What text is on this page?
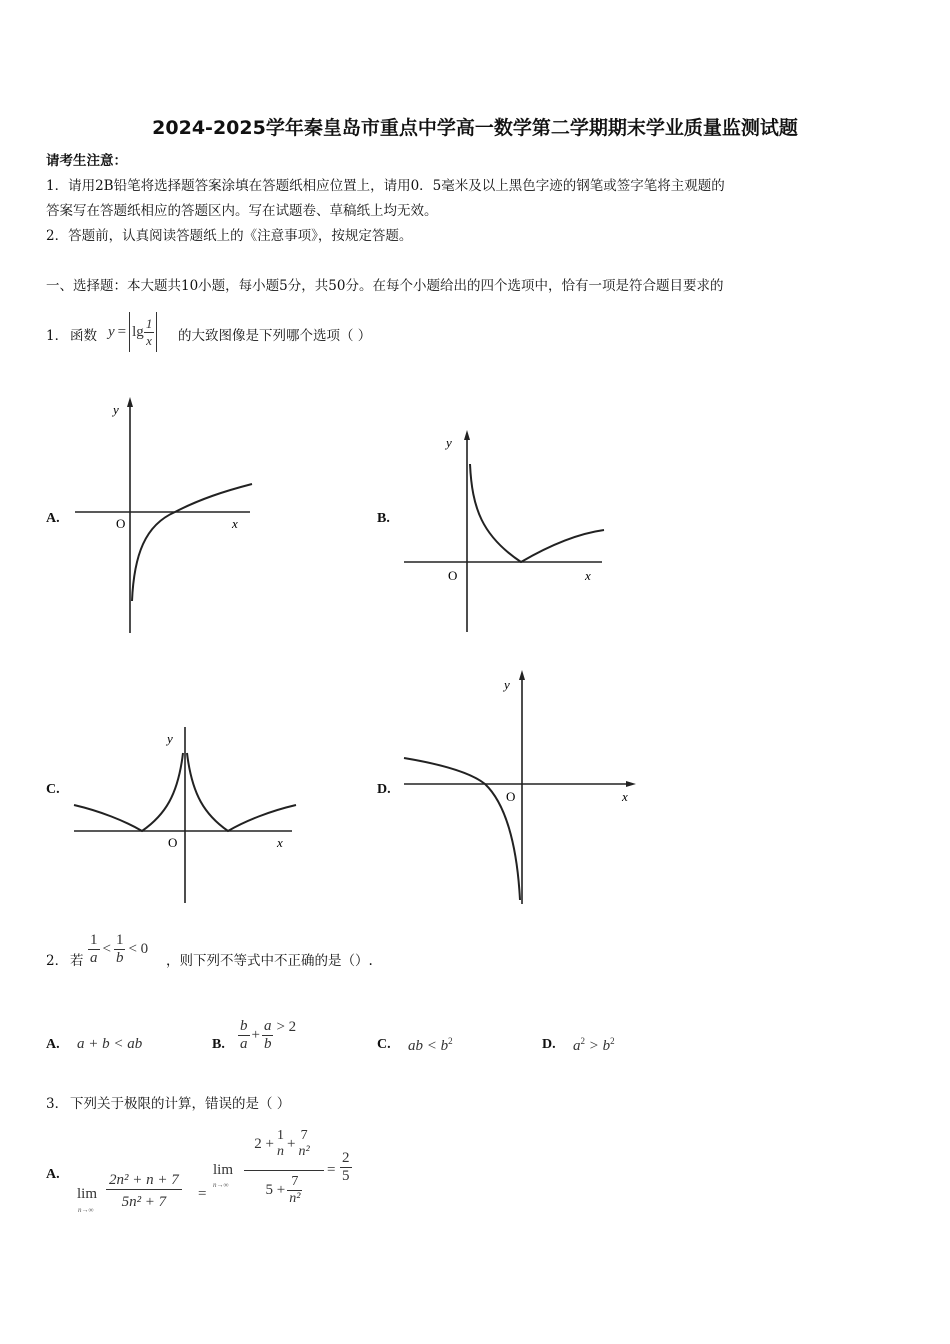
2024-2025学年秦皇岛市重点中学高一数学第二学期期末学业质量监测试题
请考生注意：
1．请用2B铅笔将选择题答案涂填在答题纸相应位置上，请用0．5毫米及以上黑色字迹的钢笔或签字笔将主观题的
答案写在答题纸相应的答题区内。写在试题卷、草稿纸上均无效。
2．答题前，认真阅读答题纸上的《注意事项》，按规定答题。
一、选择题：本大题共10小题，每小题5分，共50分。在每个小题给出的四个选项中，恰有一项是符合题目要求的
1． 函数 $y = \lg \frac{1}{x}$ 的大致图像是下列哪个选项（ ）
A.	B.
C.	D.
y
x
O
y
x
O
y
x
O
y
x
O
2． 若 $\frac{1}{a} < \frac{1}{b} < 0$
，则下列不等式中不正确的是（）.
A. a + b < ab	B. $\frac{b}{a} + \frac{a}{b} > 2$
C. ab < $b^2$	D. $a^2 > b^2$
3． 下列关于极限的计算，错误的是（ ）
A.
lim
$n\to\infty \frac{\text{2n² + n + 7}}{\text{5n² + 7}}$ =
lim
n→∞
2 + 1
n + 7
n²
$5 + \frac{7}{\text{n²}}$
= $\frac{2}{5}$
